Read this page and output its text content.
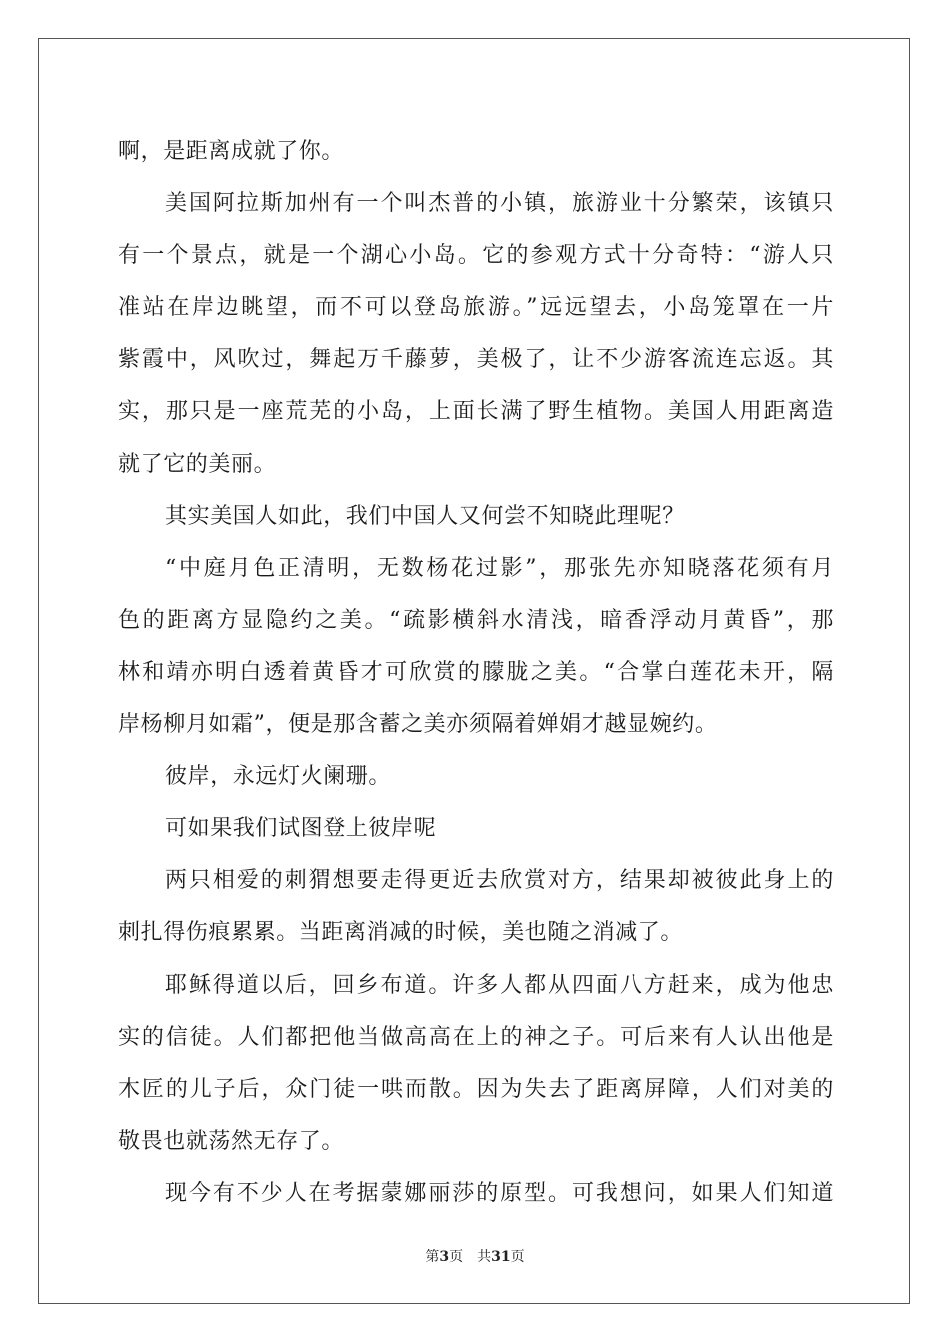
啊，是距离成就了你。
美国阿拉斯加州有一个叫杰普的小镇，旅游业十分繁荣，该镇只
有一个景点，就是一个湖心小岛。它的参观方式十分奇特：“游人只
准站在岸边眺望，而不可以登岛旅游。”远远望去，小岛笼罩在一片
紫霞中，风吹过，舞起万千藤萝，美极了，让不少游客流连忘返。其
实，那只是一座荒芜的小岛，上面长满了野生植物。美国人用距离造
就了它的美丽。
其实美国人如此，我们中国人又何尝不知晓此理呢？
“中庭月色正清明，无数杨花过影”，那张先亦知晓落花须有月
色的距离方显隐约之美。“疏影横斜水清浅，暗香浮动月黄昏”，那
林和靖亦明白透着黄昏才可欣赏的朦胧之美。“合掌白莲花未开，隔
岸杨柳月如霜”，便是那含蓄之美亦须隔着婵娟才越显婉约。
彼岸，永远灯火阑珊。
可如果我们试图登上彼岸呢
两只相爱的刺猬想要走得更近去欣赏对方，结果却被彼此身上的
刺扎得伤痕累累。当距离消减的时候，美也随之消减了。
耶稣得道以后，回乡布道。许多人都从四面八方赶来，成为他忠
实的信徒。人们都把他当做高高在上的神之子。可后来有人认出他是
木匠的儿子后，众门徒一哄而散。因为失去了距离屏障，人们对美的
敬畏也就荡然无存了。
现今有不少人在考据蒙娜丽莎的原型。可我想问，如果人们知道
第3页 共31页
